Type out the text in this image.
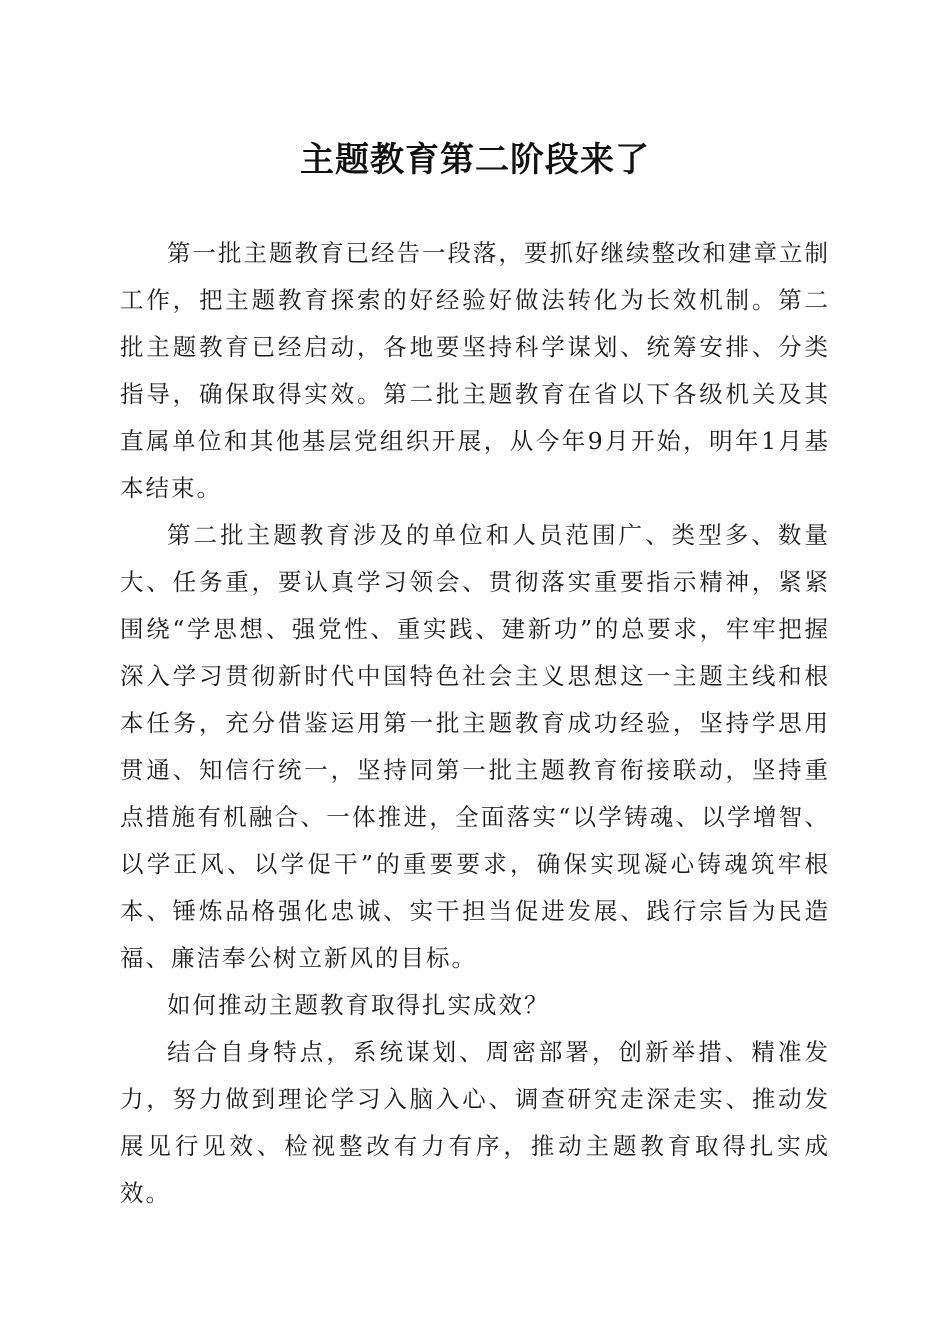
主题教育第二阶段来了

第一批主题教育已经告一段落，要抓好继续整改和建章立制工作，把主题教育探索的好经验好做法转化为长效机制。第二批主题教育已经启动，各地要坚持科学谋划、统筹安排、分类指导，确保取得实效。第二批主题教育在省以下各级机关及其直属单位和其他基层党组织开展，从今年9月开始，明年1月基本结束。

第二批主题教育涉及的单位和人员范围广、类型多、数量大、任务重，要认真学习领会、贯彻落实重要指示精神，紧紧围绕“学思想、强党性、重实践、建新功”的总要求，牢牢把握深入学习贯彻新时代中国特色社会主义思想这一主题主线和根本任务，充分借鉴运用第一批主题教育成功经验，坚持学思用贯通、知信行统一，坚持同第一批主题教育衔接联动，坚持重点措施有机融合、一体推进，全面落实“以学铸魂、以学增智、以学正风、以学促干”的重要要求，确保实现凝心铸魂筑牢根本、锤炼品格强化忠诚、实干担当促进发展、践行宗旨为民造福、廉洁奉公树立新风的目标。

如何推动主题教育取得扎实成效？

结合自身特点，系统谋划、周密部署，创新举措、精准发力，努力做到理论学习入脑入心、调查研究走深走实、推动发展见行见效、检视整改有力有序，推动主题教育取得扎实成效。
